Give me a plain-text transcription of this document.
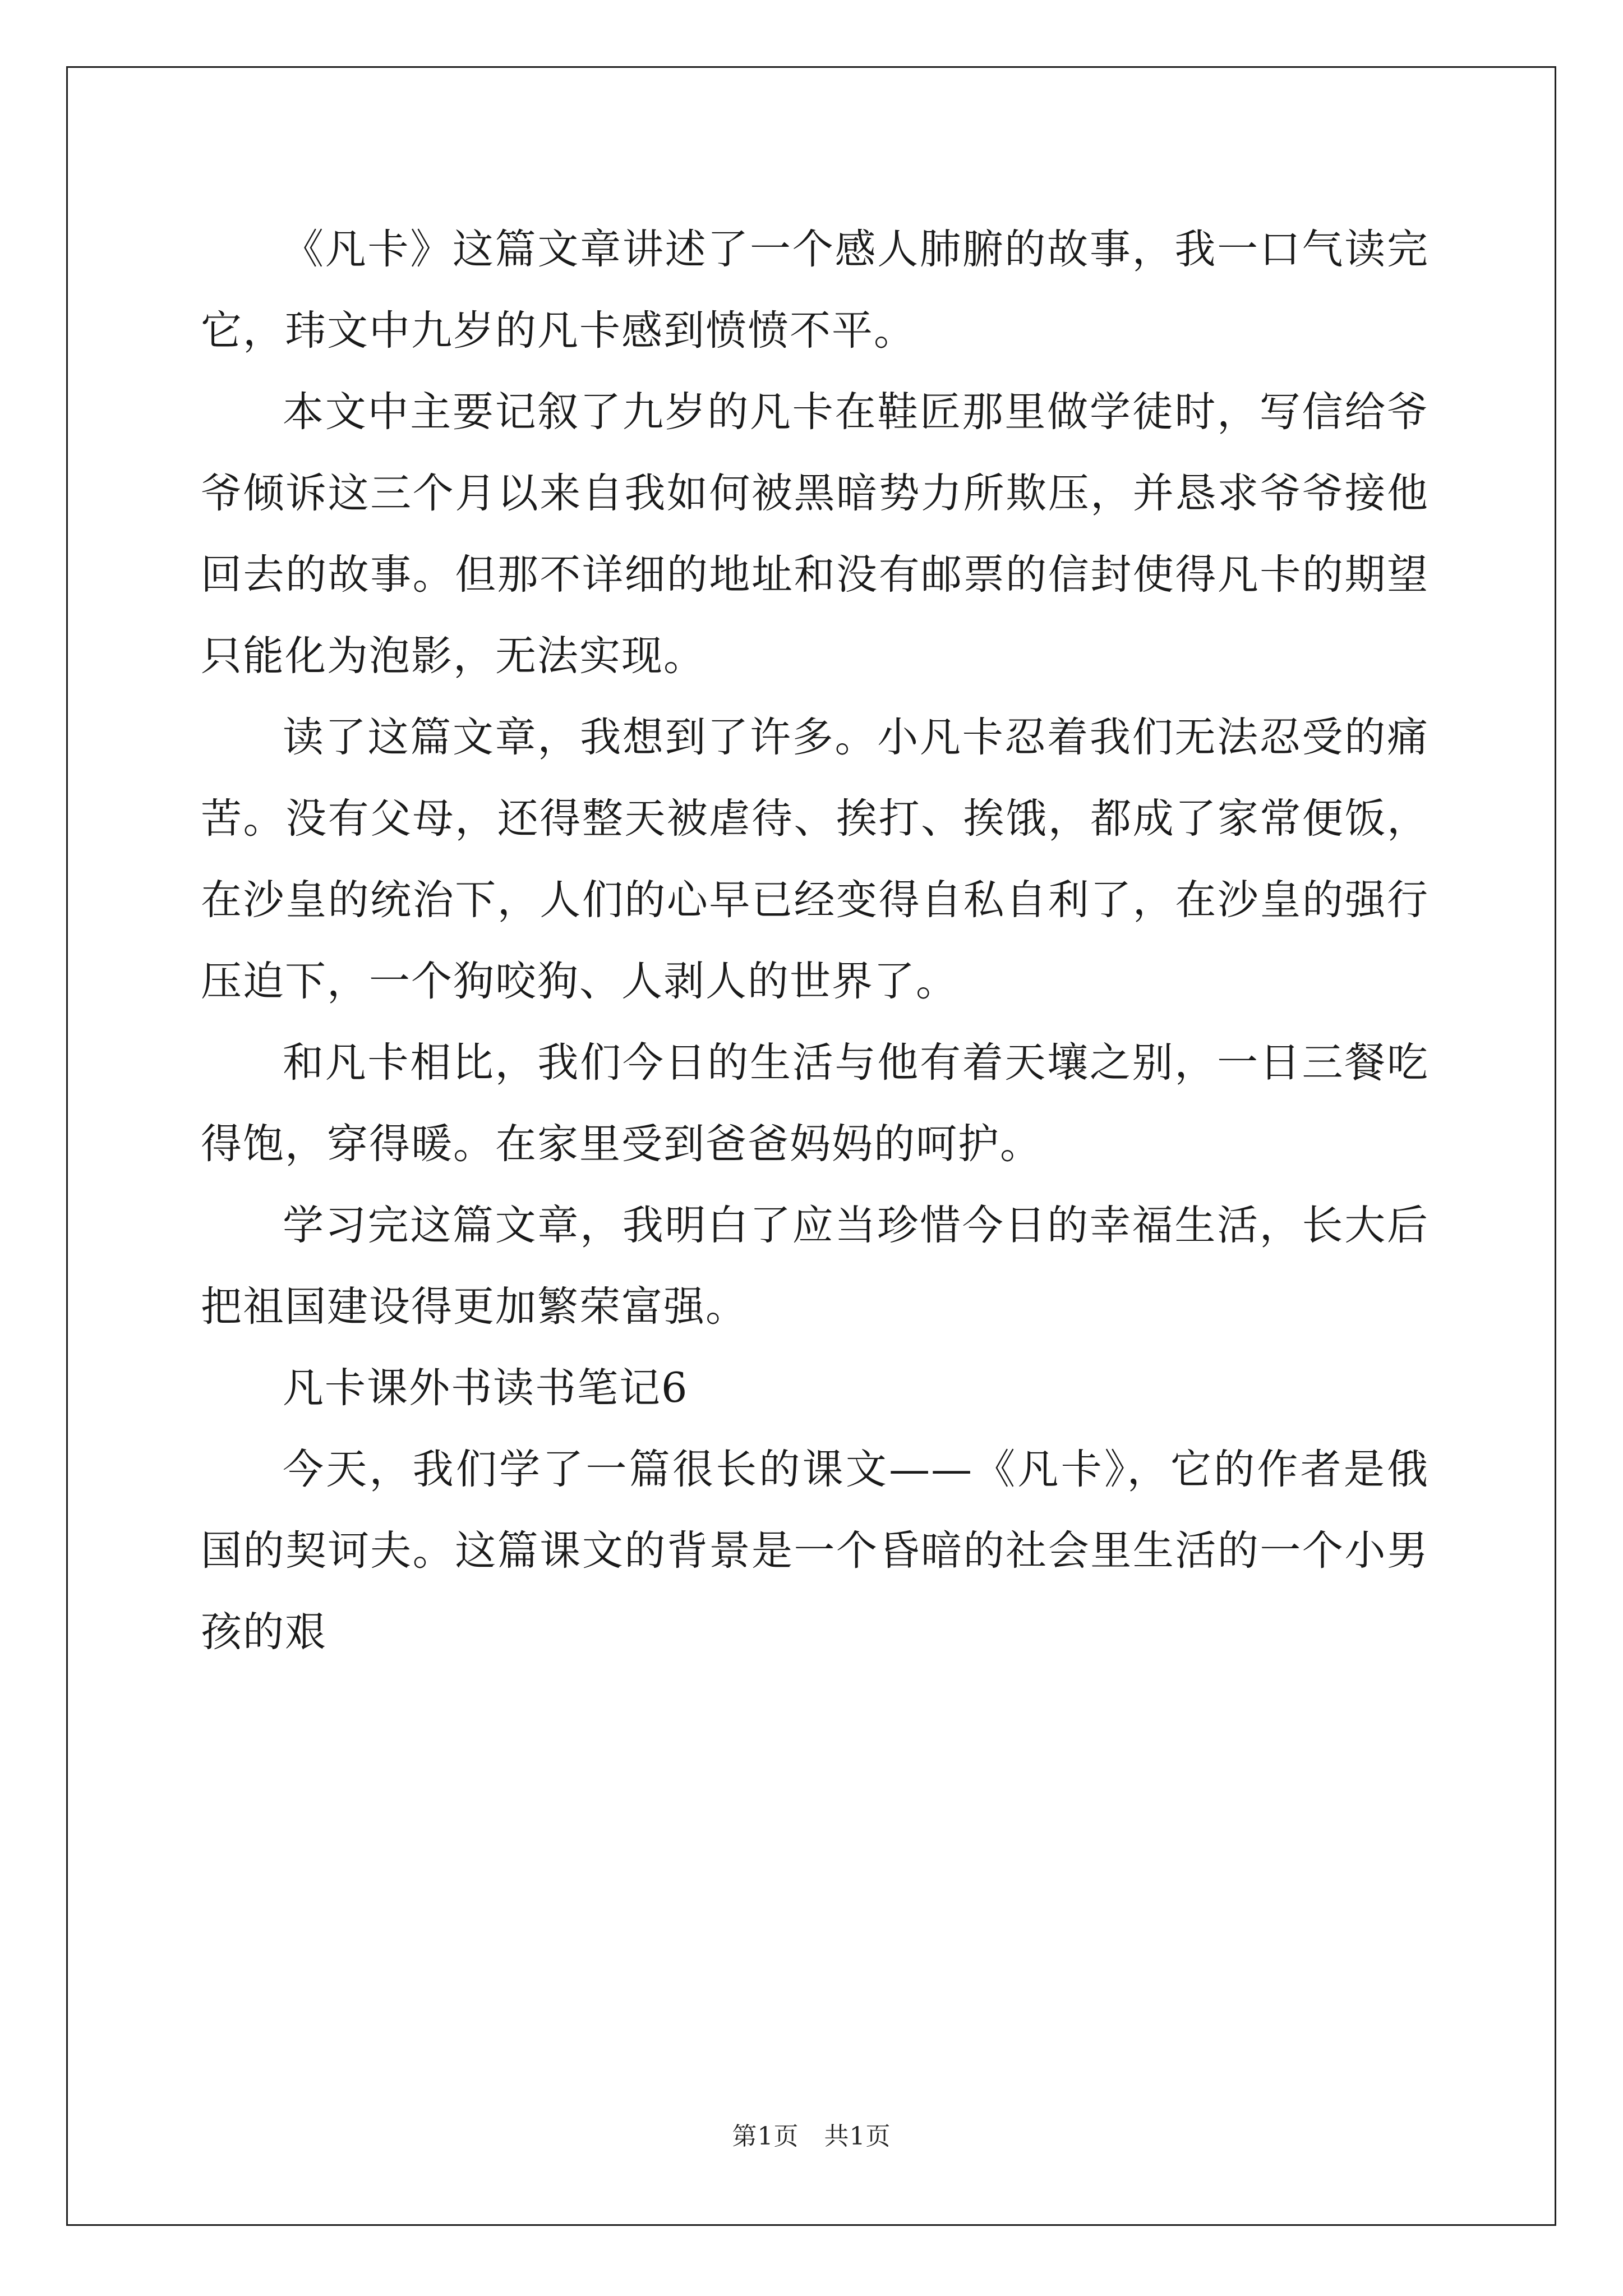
《凡卡》这篇文章讲述了一个感人肺腑的故事，我一口气读完它，玮文中九岁的凡卡感到愤愤不平。

本文中主要记叙了九岁的凡卡在鞋匠那里做学徒时，写信给爷爷倾诉这三个月以来自我如何被黑暗势力所欺压，并恳求爷爷接他回去的故事。但那不详细的地址和没有邮票的信封使得凡卡的期望只能化为泡影，无法实现。

读了这篇文章，我想到了许多。小凡卡忍着我们无法忍受的痛苦。没有父母，还得整天被虐待、挨打、挨饿，都成了家常便饭，在沙皇的统治下，人们的心早已经变得自私自利了，在沙皇的强行压迫下，一个狗咬狗、人剥人的世界了。

和凡卡相比，我们今日的生活与他有着天壤之别，一日三餐吃得饱，穿得暖。在家里受到爸爸妈妈的呵护。

学习完这篇文章，我明白了应当珍惜今日的幸福生活，长大后把祖国建设得更加繁荣富强。

凡卡课外书读书笔记6

今天，我们学了一篇很长的课文——《凡卡》，它的作者是俄国的契诃夫。这篇课文的背景是一个昏暗的社会里生活的一个小男孩的艰

第1页 共1页
